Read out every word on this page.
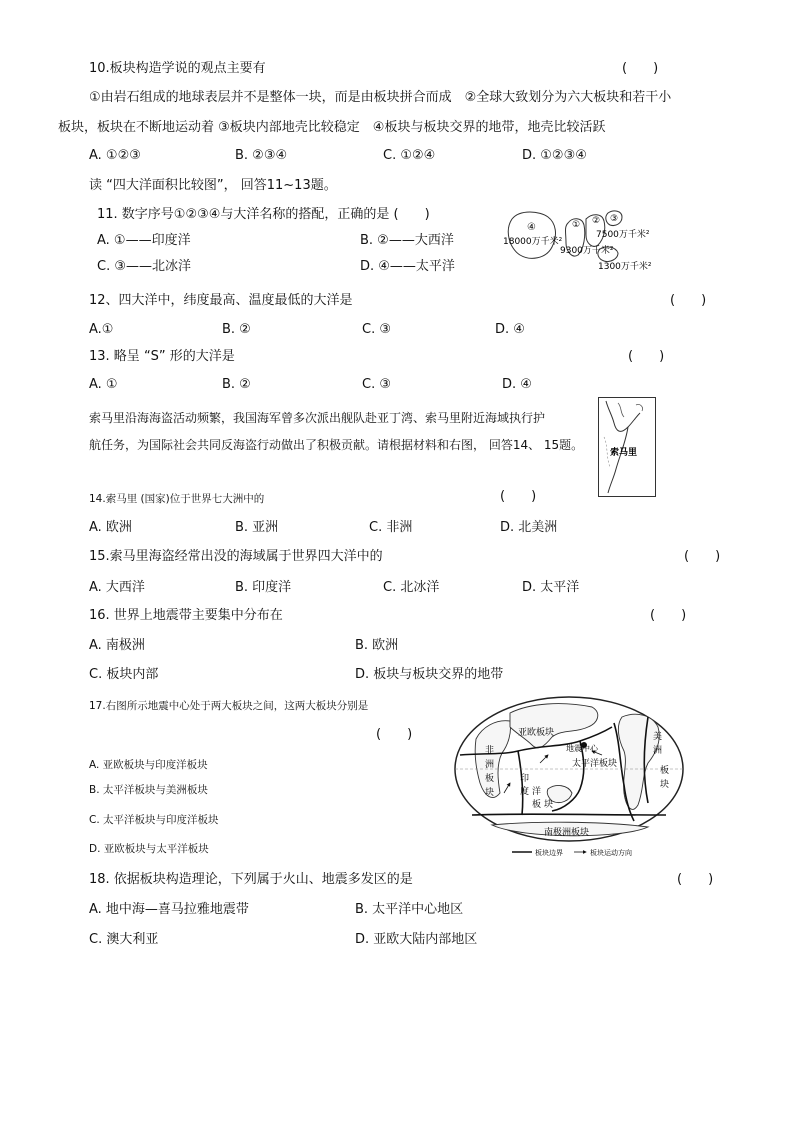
10.板块构造学说的观点主要有	(　　)
①由岩石组成的地球表层并不是整体一块，而是由板块拼合而成　②全球大致划分为六大板块和若干小
板块，板块在不断地运动着 ③板块内部地壳比较稳定　④板块与板块交界的地带，地壳比较活跃
A. ①②③	B. ②③④	C. ①②④	D. ①②③④
读 “四大洋面积比较图”， 回答11~13题。
11. 数字序号①②③④与大洋名称的搭配，正确的是 (　　)
A. ①——印度洋	B. ②——大西洋
C. ③——北冰洋	D. ④——太平洋
④
18000万千米²
① ② ③
7500万千米²
9300万千米²
1300万千米²
12、四大洋中，纬度最高、温度最低的大洋是	(　　)
A.①	B. ②	C. ③	D. ④
13. 略呈 “S” 形的大洋是	(　　)
A. ①	B. ②	C. ③	D. ④
索马里沿海海盗活动频繁，我国海军曾多次派出舰队赴亚丁湾、索马里附近海域执行护
航任务，为国际社会共同反海盗行动做出了积极贡献。请根据材料和右图， 回答14、 15题。
索马里
14.索马里 (国家)位于世界七大洲中的	(　　)
A. 欧洲	B. 亚洲	C. 非洲	D. 北美洲
15.索马里海盗经常出没的海域属于世界四大洋中的	(　　)
A. 大西洋	B. 印度洋	C. 北冰洋	D. 太平洋
16. 世界上地震带主要集中分布在	(　　)
A. 南极洲	B. 欧洲
C. 板块内部	D. 板块与板块交界的地带
17.右图所示地震中心处于两大板块之间，这两大板块分别是
(　　)
A. 亚欧板块与印度洋板块
B. 太平洋板块与美洲板块
C. 太平洋板块与印度洋板块
D. 亚欧板块与太平洋板块
亚欧板块
地震中心
太平洋板块
非
洲
板
块
印
度 洋
板 块
美
洲
板
块
南极洲板块
板块边界	板块运动方向
18. 依据板块构造理论，下列属于火山、地震多发区的是	(　　)
A. 地中海—喜马拉雅地震带	B. 太平洋中心地区
C. 澳大利亚	D. 亚欧大陆内部地区
